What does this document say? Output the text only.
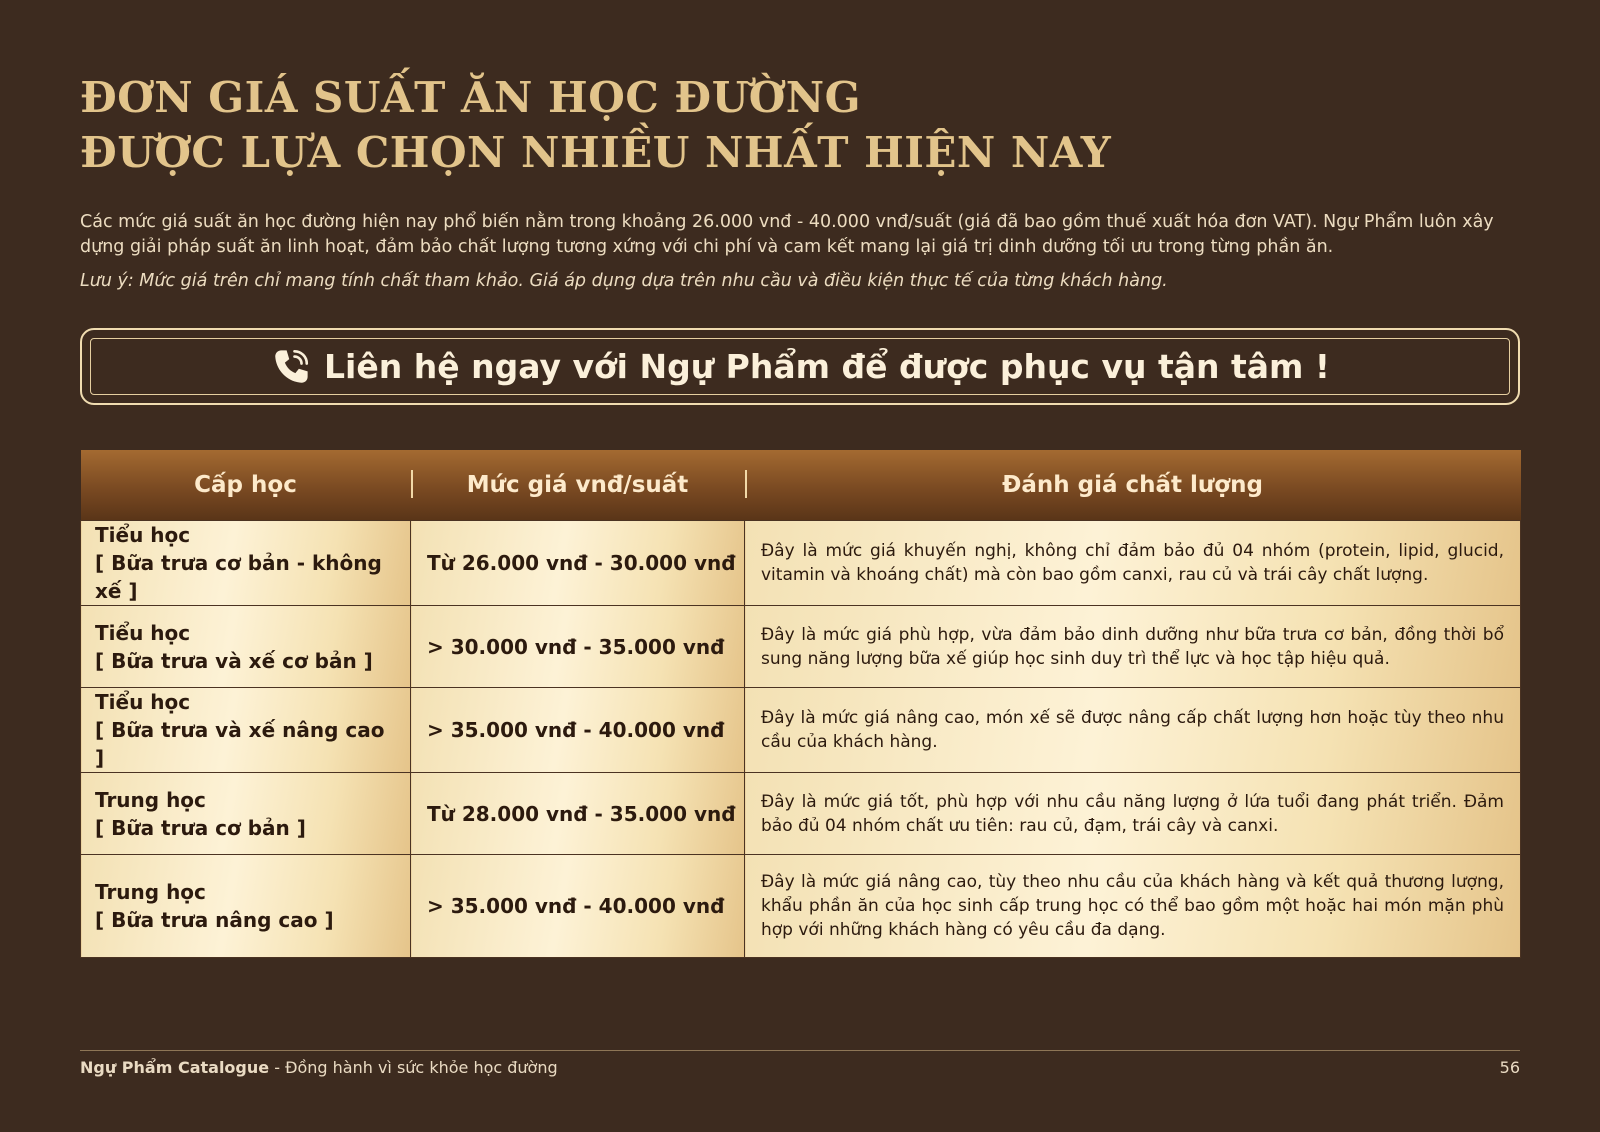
ĐƠN GIÁ SUẤT ĂN HỌC ĐƯỜNG
ĐƯỢC LỰA CHỌN NHIỀU NHẤT HIỆN NAY

Các mức giá suất ăn học đường hiện nay phổ biến nằm trong khoảng 26.000 vnđ - 40.000 vnđ/suất (giá đã bao gồm thuế xuất hóa đơn VAT). Ngự Phẩm luôn xây dựng giải pháp suất ăn linh hoạt, đảm bảo chất lượng tương xứng với chi phí và cam kết mang lại giá trị dinh dưỡng tối ưu trong từng phần ăn.

Lưu ý: Mức giá trên chỉ mang tính chất tham khảo. Giá áp dụng dựa trên nhu cầu và điều kiện thực tế của từng khách hàng.

Liên hệ ngay với Ngự Phẩm để được phục vụ tận tâm !
Cấp học	Mức giá vnđ/suất	Đánh giá chất lượng

Tiểu học
[ Bữa trưa cơ bản - không xế ]	Từ 26.000 vnđ - 30.000 vnđ	Đây là mức giá khuyến nghị, không chỉ đảm bảo đủ 04 nhóm (protein, lipid, glucid, vitamin và khoáng chất) mà còn bao gồm canxi, rau củ và trái cây chất lượng.

Tiểu học
[ Bữa trưa và xế cơ bản ]	> 30.000 vnđ - 35.000 vnđ	Đây là mức giá phù hợp, vừa đảm bảo dinh dưỡng như bữa trưa cơ bản, đồng thời bổ sung năng lượng bữa xế giúp học sinh duy trì thể lực và học tập hiệu quả.

Tiểu học
[ Bữa trưa và xế nâng cao ]	> 35.000 vnđ - 40.000 vnđ	Đây là mức giá nâng cao, món xế sẽ được nâng cấp chất lượng hơn hoặc tùy theo nhu cầu của khách hàng.

Trung học
[ Bữa trưa cơ bản ]	Từ 28.000 vnđ - 35.000 vnđ	Đây là mức giá tốt, phù hợp với nhu cầu năng lượng ở lứa tuổi đang phát triển. Đảm bảo đủ 04 nhóm chất ưu tiên: rau củ, đạm, trái cây và canxi.

Trung học
[ Bữa trưa nâng cao ]	> 35.000 vnđ - 40.000 vnđ	Đây là mức giá nâng cao, tùy theo nhu cầu của khách hàng và kết quả thương lượng, khẩu phần ăn của học sinh cấp trung học có thể bao gồm một hoặc hai món mặn phù hợp với những khách hàng có yêu cầu đa dạng.
Ngự Phẩm Catalogue - Đồng hành vì sức khỏe học đường	56
